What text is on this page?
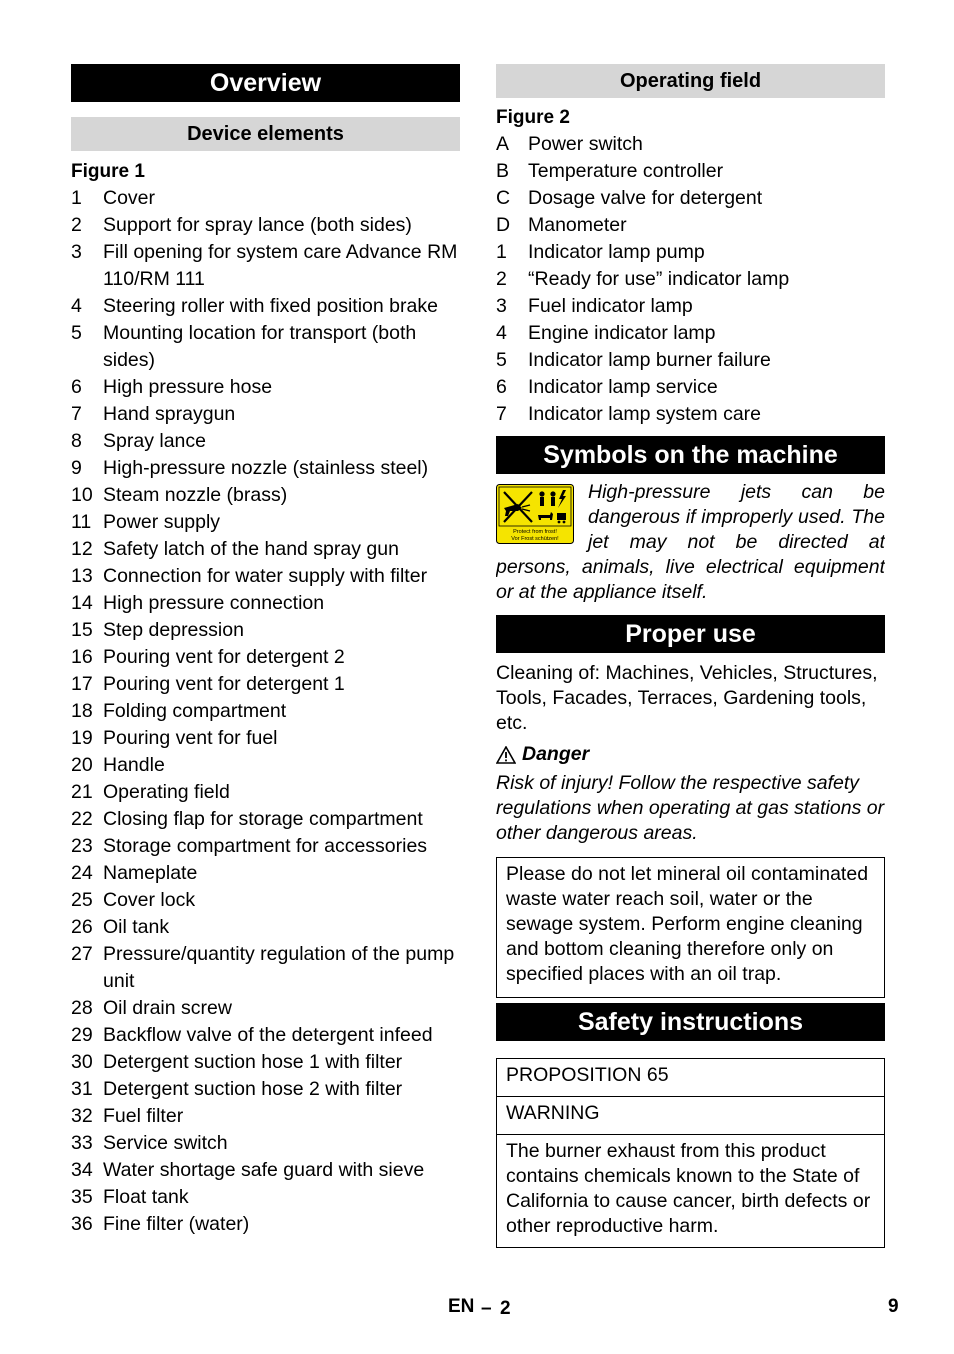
Overview
Device elements
Figure 1
1	Cover
2	Support for spray lance (both sides)
3	Fill opening for system care Advance RM 110/RM 111
4	Steering roller with fixed position brake
5	Mounting location for transport (both sides)
6	High pressure hose
7	Hand spraygun
8	Spray lance
9	High-pressure nozzle (stainless steel)
10 Steam nozzle (brass)
11 Power supply
12 Safety latch of the hand spray gun
13 Connection for water supply with filter
14 High pressure connection
15 Step depression
16 Pouring vent for detergent 2
17 Pouring vent for detergent 1
18 Folding compartment
19 Pouring vent for fuel
20 Handle
21 Operating field
22 Closing flap for storage compartment
23 Storage compartment for accessories
24 Nameplate
25 Cover lock
26 Oil tank
27 Pressure/quantity regulation of the pump unit
28 Oil drain screw
29 Backflow valve of the detergent infeed
30 Detergent suction hose 1 with filter
31 Detergent suction hose 2 with filter
32 Fuel filter
33 Service switch
34 Water shortage safe guard with sieve
35 Float tank
36 Fine filter (water)
Operating field
Figure 2
A Power switch
B Temperature controller
C Dosage valve for detergent
D Manometer
1	Indicator lamp pump
2	“Ready for use” indicator lamp
3	Fuel indicator lamp
4	Engine indicator lamp
5	Indicator lamp burner failure
6	Indicator lamp service
7	Indicator lamp system care
Symbols on the machine
Protect from frost!
Vor Frost schützen!

High-pressure jets can be dangerous if improperly used. The jet may not be directed at persons, animals, live electrical equipment or at the appliance itself.

Proper use

Cleaning of: Machines, Vehicles, Structures, Tools, Facades, Terraces, Gardening tools, etc.

Danger

Risk of injury! Follow the respective safety regulations when operating at gas stations or other dangerous areas.

Please do not let mineral oil contaminated waste water reach soil, water or the sewage system. Perform engine cleaning and bottom cleaning therefore only on specified places with an oil trap.
Safety instructions
PROPOSITION 65
WARNING
The burner exhaust from this product contains chemicals known to the State of California to cause cancer, birth defects or other reproductive harm.
EN – 2	9
